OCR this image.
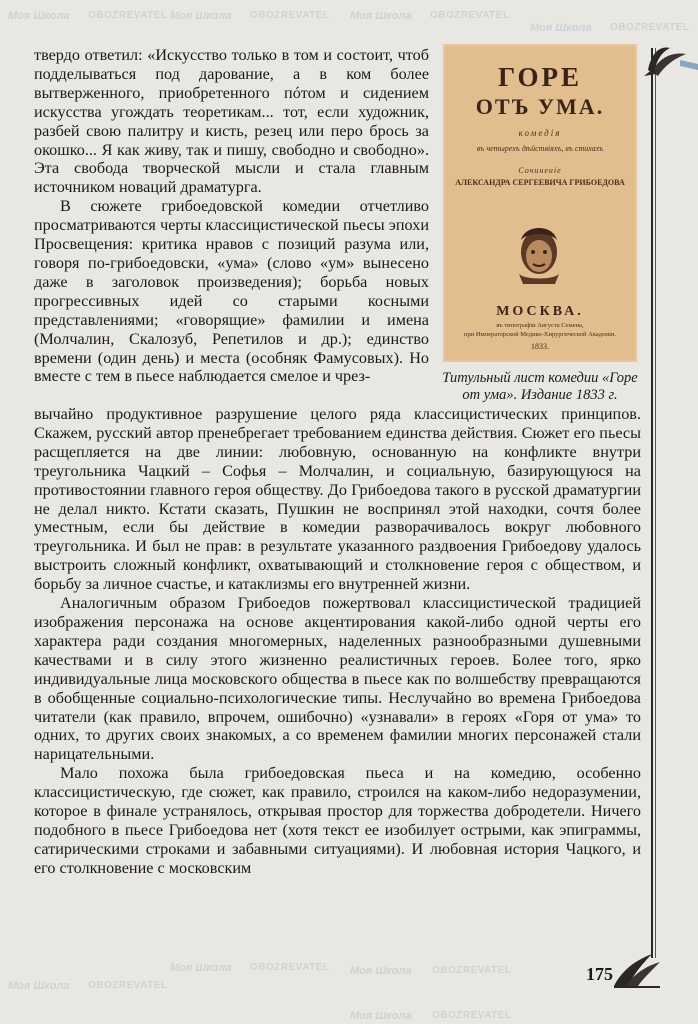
Моя Школа OBOZREVATEL Моя Школа OBOZREVATEL Моя Школа OBOZREVATEL
Моя Школа OBOZREVATEL
Моя Школа OBOZREVATEL
Моя Школа OBOZREVATEL Моя Школа OBOZREVATEL
Моя Школа OBOZREVATEL

твердо ответил: «Искусство только в том и состоит, чтоб подделываться под дарование, а в ком более вытверженного, приобретенного пóтом и сидением искусства угождать теоретикам... тот, если художник, разбей свою палитру и кисть, резец или перо брось за окошко... Я как живу, так и пишу, свободно и свободно». Эта свобода творческой мысли и стала главным источником новаций драматурга.

В сюжете грибоедовской комедии отчетливо просматриваются черты классицистической пьесы эпохи Просвещения: критика нравов с позиций разума или, говоря по-грибоедовски, «ума» (слово «ум» вынесено даже в заголовок произведения); борьба новых прогрессивных идей со старыми косными представлениями; «говорящие» фамилии и имена (Молчалин, Скалозуб, Репетилов и др.); единство времени (один день) и места (особняк Фамусовых). Но вместе с тем в пьесе наблюдается смелое и чрез-

ГОРЕ
ОТЪ УМА.
комедія
въ четырехъ дѣйствіяхъ, въ стихахъ
Сочиненіе
АЛЕКСАНДРА СЕРГЕЕВИЧА ГРИБОЕДОВА
МОСКВА.
въ типографіи Августа Семена,
при Императорской Медико-Хирургической Академіи.
1833.
Титульный лист комедии «Горе от ума». Издание 1833 г.

вычайно продуктивное разрушение целого ряда классицистических принципов. Скажем, русский автор пренебрегает требованием единства действия. Сюжет его пьесы расщепляется на две линии: любовную, основанную на конфликте внутри треугольника Чацкий – Софья – Молчалин, и социальную, базирующуюся на противостоянии главного героя обществу. До Грибоедова такого в русской драматургии не делал никто. Кстати сказать, Пушкин не воспринял этой находки, сочтя более уместным, если бы действие в комедии разворачивалось вокруг любовного треугольника. И был не прав: в результате указанного раздвоения Грибоедову удалось выстроить сложный конфликт, охватывающий и столкновение героя с обществом, и борьбу за личное счастье, и катаклизмы его внутренней жизни.

Аналогичным образом Грибоедов пожертвовал классицистической традицией изображения персонажа на основе акцентирования какой-либо одной черты его характера ради создания многомерных, наделенных разнообразными душевными качествами и в силу этого жизненно реалистичных героев. Более того, ярко индивидуальные лица московского общества в пьесе как по волшебству превращаются в обобщенные социально-психологические типы. Неслучайно во времена Грибоедова читатели (как правило, впрочем, ошибочно) «узнавали» в героях «Горя от ума» то одних, то других своих знакомых, а со временем фамилии многих персонажей стали нарицательными.

Мало похожа была грибоедовская пьеса и на комедию, особенно классицистическую, где сюжет, как правило, строился на каком-либо недоразумении, которое в финале устранялось, открывая простор для торжества добродетели. Ничего подобного в пьесе Грибоедова нет (хотя текст ее изобилует острыми, как эпиграммы, сатирическими строками и забавными ситуациями). И любовная история Чацкого, и его столкновение с московским

175
